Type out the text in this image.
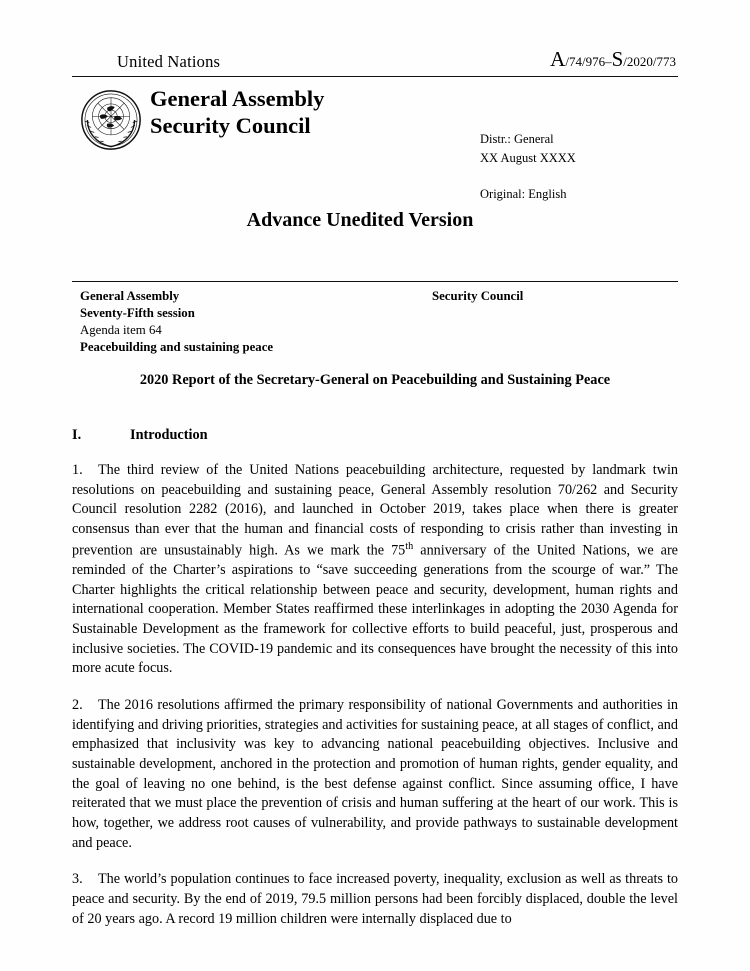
United Nations	A/74/976–S/2020/773
General Assembly
Security Council
Distr.: General
XX August XXXX
Original: English
Advance Unedited Version
General Assembly
Seventy-Fifth session
Agenda item 64
Peacebuilding and sustaining peace
Security Council
2020 Report of the Secretary-General on Peacebuilding and Sustaining Peace
I.	Introduction

1. The third review of the United Nations peacebuilding architecture, requested by landmark twin resolutions on peacebuilding and sustaining peace, General Assembly resolution 70/262 and Security Council resolution 2282 (2016), and launched in October 2019, takes place when there is greater consensus than ever that the human and financial costs of responding to crisis rather than investing in prevention are unsustainably high. As we mark the 75th anniversary of the United Nations, we are reminded of the Charter’s aspirations to “save succeeding generations from the scourge of war.” The Charter highlights the critical relationship between peace and security, development, human rights and international cooperation. Member States reaffirmed these interlinkages in adopting the 2030 Agenda for Sustainable Development as the framework for collective efforts to build peaceful, just, prosperous and inclusive societies. The COVID-19 pandemic and its consequences have brought the necessity of this into more acute focus.

2. The 2016 resolutions affirmed the primary responsibility of national Governments and authorities in identifying and driving priorities, strategies and activities for sustaining peace, at all stages of conflict, and emphasized that inclusivity was key to advancing national peacebuilding objectives. Inclusive and sustainable development, anchored in the protection and promotion of human rights, gender equality, and the goal of leaving no one behind, is the best defense against conflict. Since assuming office, I have reiterated that we must place the prevention of crisis and human suffering at the heart of our work. This is how, together, we address root causes of vulnerability, and provide pathways to sustainable development and peace.

3. The world’s population continues to face increased poverty, inequality, exclusion as well as threats to peace and security. By the end of 2019, 79.5 million persons had been forcibly displaced, double the level of 20 years ago. A record 19 million children were internally displaced due to
